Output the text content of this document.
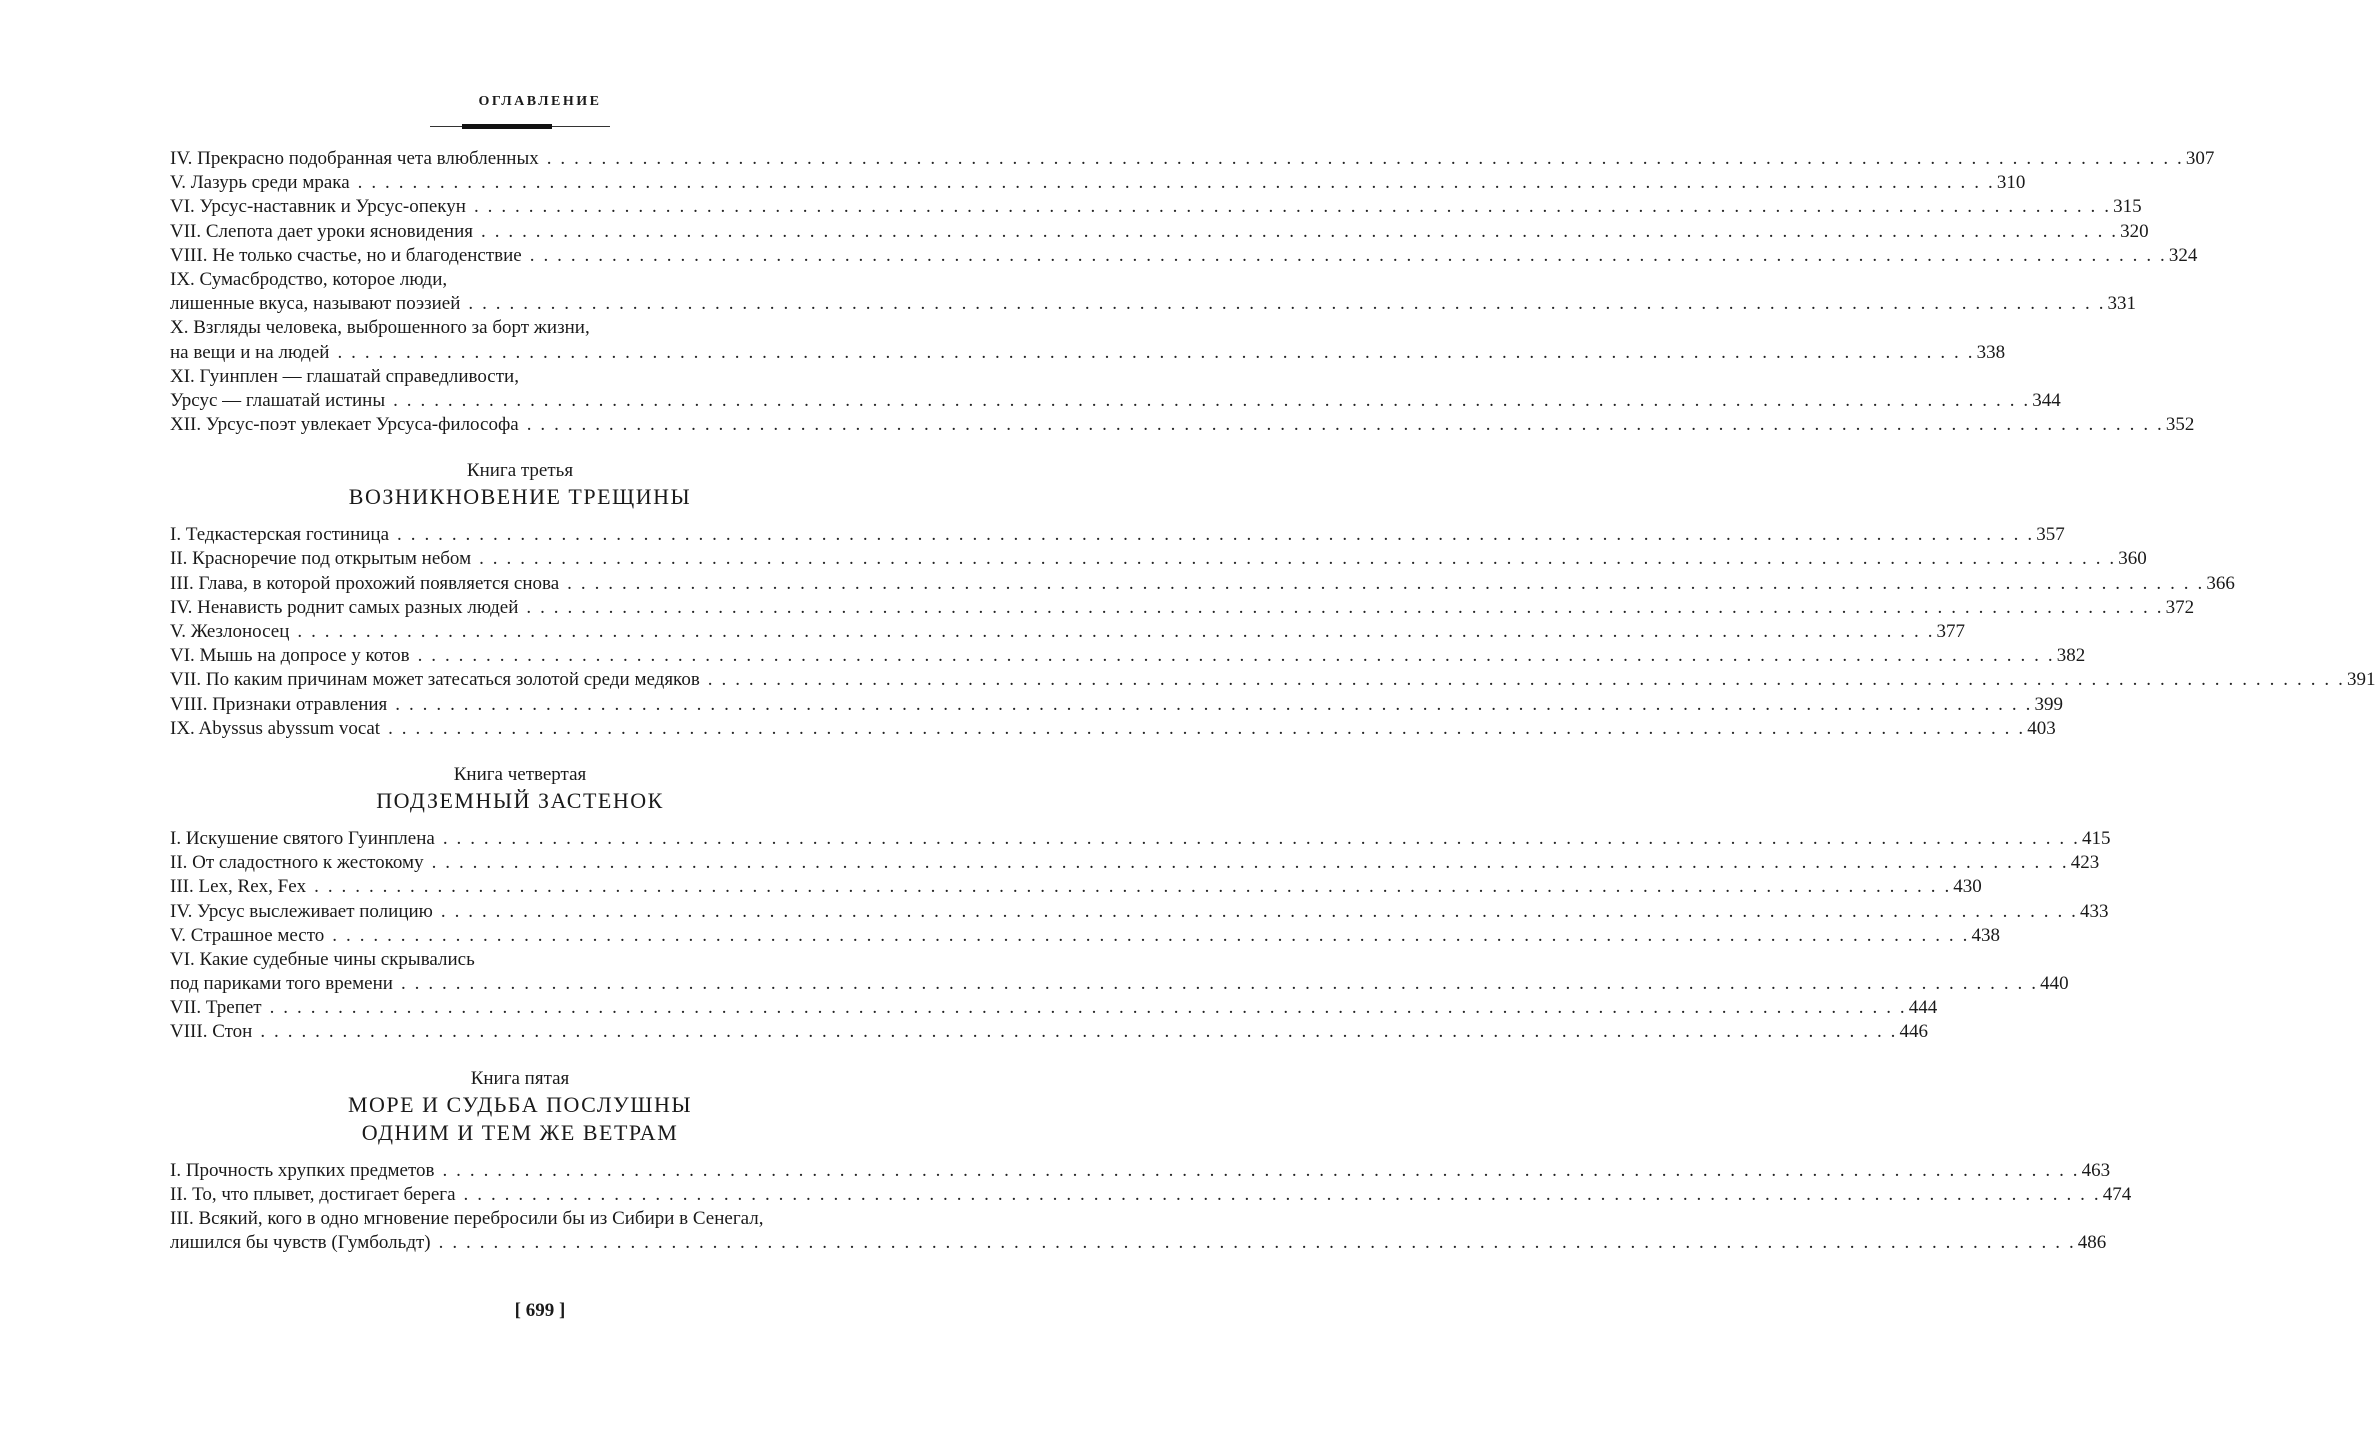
ОГЛАВЛЕНИЕ
IV. Прекрасно подобранная чета влюбленных . . . . . . . . . . . . . . . . . . . . . . . . . . . . . . . . . . . . . . . . . . . . . . . . . . . . . . . . . . . . . . . . . . . . . . . . . . . . . . . . . . . . . . . . . . . . . . . . . . . . . . . . . . . . . . . . . . . . . . . . 307
V. Лазурь среди мрака . . . . . . . . . . . . . . . . . . . . . . . . . . . . . . . . . . . . . . . . . . . . . . . . . . . . . . . . . . . . . . . . . . . . . . . . . . . . . . . . . . . . . . . . . . . . . . . . . . . . . . . . . . . . . . . . . . . . . . . . 310
VI. Урсус-наставник и Урсус-опекун . . . . . . . . . . . . . . . . . . . . . . . . . . . . . . . . . . . . . . . . . . . . . . . . . . . . . . . . . . . . . . . . . . . . . . . . . . . . . . . . . . . . . . . . . . . . . . . . . . . . . . . . . . . . . . . . . . . . . . . . 315
VII. Слепота дает уроки ясновидения . . . . . . . . . . . . . . . . . . . . . . . . . . . . . . . . . . . . . . . . . . . . . . . . . . . . . . . . . . . . . . . . . . . . . . . . . . . . . . . . . . . . . . . . . . . . . . . . . . . . . . . . . . . . . . . . . . . . . . . . 320
VIII. Не только счастье, но и благоденствие . . . . . . . . . . . . . . . . . . . . . . . . . . . . . . . . . . . . . . . . . . . . . . . . . . . . . . . . . . . . . . . . . . . . . . . . . . . . . . . . . . . . . . . . . . . . . . . . . . . . . . . . . . . . . . . . . . . . . . . . 324
IX. Сумасбродство, которое люди,
лишенные вкуса, называют поэзией . . . . . . . . . . . . . . . . . . . . . . . . . . . . . . . . . . . . . . . . . . . . . . . . . . . . . . . . . . . . . . . . . . . . . . . . . . . . . . . . . . . . . . . . . . . . . . . . . . . . . . . . . . . . . . . . . . . . . . . . 331
X. Взгляды человека, выброшенного за борт жизни,
на вещи и на людей . . . . . . . . . . . . . . . . . . . . . . . . . . . . . . . . . . . . . . . . . . . . . . . . . . . . . . . . . . . . . . . . . . . . . . . . . . . . . . . . . . . . . . . . . . . . . . . . . . . . . . . . . . . . . . . . . . . . . . . . 338
XI. Гуинплен — глашатай справедливости,
Урсус — глашатай истины . . . . . . . . . . . . . . . . . . . . . . . . . . . . . . . . . . . . . . . . . . . . . . . . . . . . . . . . . . . . . . . . . . . . . . . . . . . . . . . . . . . . . . . . . . . . . . . . . . . . . . . . . . . . . . . . . . . . . . . . 344
XII. Урсус-поэт увлекает Урсуса-философа . . . . . . . . . . . . . . . . . . . . . . . . . . . . . . . . . . . . . . . . . . . . . . . . . . . . . . . . . . . . . . . . . . . . . . . . . . . . . . . . . . . . . . . . . . . . . . . . . . . . . . . . . . . . . . . . . . . . . . . . 352
Книга третья
ВОЗНИКНОВЕНИЕ ТРЕЩИНЫ
I. Тедкастерская гостиница . . . . . . . . . . . . . . . . . . . . . . . . . . . . . . . . . . . . . . . . . . . . . . . . . . . . . . . . . . . . . . . . . . . . . . . . . . . . . . . . . . . . . . . . . . . . . . . . . . . . . . . . . . . . . . . . . . . . . . . . 357
II. Красноречие под открытым небом . . . . . . . . . . . . . . . . . . . . . . . . . . . . . . . . . . . . . . . . . . . . . . . . . . . . . . . . . . . . . . . . . . . . . . . . . . . . . . . . . . . . . . . . . . . . . . . . . . . . . . . . . . . . . . . . . . . . . . . . 360
III. Глава, в которой прохожий появляется снова . . . . . . . . . . . . . . . . . . . . . . . . . . . . . . . . . . . . . . . . . . . . . . . . . . . . . . . . . . . . . . . . . . . . . . . . . . . . . . . . . . . . . . . . . . . . . . . . . . . . . . . . . . . . . . . . . . . . . . . . 366
IV. Ненависть роднит самых разных людей . . . . . . . . . . . . . . . . . . . . . . . . . . . . . . . . . . . . . . . . . . . . . . . . . . . . . . . . . . . . . . . . . . . . . . . . . . . . . . . . . . . . . . . . . . . . . . . . . . . . . . . . . . . . . . . . . . . . . . . . 372
V. Жезлоносец . . . . . . . . . . . . . . . . . . . . . . . . . . . . . . . . . . . . . . . . . . . . . . . . . . . . . . . . . . . . . . . . . . . . . . . . . . . . . . . . . . . . . . . . . . . . . . . . . . . . . . . . . . . . . . . . . . . . . . . . 377
VI. Мышь на допросе у котов . . . . . . . . . . . . . . . . . . . . . . . . . . . . . . . . . . . . . . . . . . . . . . . . . . . . . . . . . . . . . . . . . . . . . . . . . . . . . . . . . . . . . . . . . . . . . . . . . . . . . . . . . . . . . . . . . . . . . . . . 382
VII. По каким причинам может затесаться золотой среди медяков . . . . . . . . . . . . . . . . . . . . . . . . . . . . . . . . . . . . . . . . . . . . . . . . . . . . . . . . . . . . . . . . . . . . . . . . . . . . . . . . . . . . . . . . . . . . . . . . . . . . . . . . . . . . . . . . . . . . . . . . 391
VIII. Признаки отравления . . . . . . . . . . . . . . . . . . . . . . . . . . . . . . . . . . . . . . . . . . . . . . . . . . . . . . . . . . . . . . . . . . . . . . . . . . . . . . . . . . . . . . . . . . . . . . . . . . . . . . . . . . . . . . . . . . . . . . . . 399
IX. Abyssus abyssum vocat . . . . . . . . . . . . . . . . . . . . . . . . . . . . . . . . . . . . . . . . . . . . . . . . . . . . . . . . . . . . . . . . . . . . . . . . . . . . . . . . . . . . . . . . . . . . . . . . . . . . . . . . . . . . . . . . . . . . . . . . 403
Книга четвертая
ПОДЗЕМНЫЙ ЗАСТЕНОК
I. Искушение святого Гуинплена . . . . . . . . . . . . . . . . . . . . . . . . . . . . . . . . . . . . . . . . . . . . . . . . . . . . . . . . . . . . . . . . . . . . . . . . . . . . . . . . . . . . . . . . . . . . . . . . . . . . . . . . . . . . . . . . . . . . . . . . 415
II. От сладостного к жестокому . . . . . . . . . . . . . . . . . . . . . . . . . . . . . . . . . . . . . . . . . . . . . . . . . . . . . . . . . . . . . . . . . . . . . . . . . . . . . . . . . . . . . . . . . . . . . . . . . . . . . . . . . . . . . . . . . . . . . . . . 423
III. Lex, Rex, Fex . . . . . . . . . . . . . . . . . . . . . . . . . . . . . . . . . . . . . . . . . . . . . . . . . . . . . . . . . . . . . . . . . . . . . . . . . . . . . . . . . . . . . . . . . . . . . . . . . . . . . . . . . . . . . . . . . . . . . . . . 430
IV. Урсус выслеживает полицию . . . . . . . . . . . . . . . . . . . . . . . . . . . . . . . . . . . . . . . . . . . . . . . . . . . . . . . . . . . . . . . . . . . . . . . . . . . . . . . . . . . . . . . . . . . . . . . . . . . . . . . . . . . . . . . . . . . . . . . . 433
V. Страшное место . . . . . . . . . . . . . . . . . . . . . . . . . . . . . . . . . . . . . . . . . . . . . . . . . . . . . . . . . . . . . . . . . . . . . . . . . . . . . . . . . . . . . . . . . . . . . . . . . . . . . . . . . . . . . . . . . . . . . . . . 438
VI. Какие судебные чины скрывались
под париками того времени . . . . . . . . . . . . . . . . . . . . . . . . . . . . . . . . . . . . . . . . . . . . . . . . . . . . . . . . . . . . . . . . . . . . . . . . . . . . . . . . . . . . . . . . . . . . . . . . . . . . . . . . . . . . . . . . . . . . . . . . 440
VII. Трепет . . . . . . . . . . . . . . . . . . . . . . . . . . . . . . . . . . . . . . . . . . . . . . . . . . . . . . . . . . . . . . . . . . . . . . . . . . . . . . . . . . . . . . . . . . . . . . . . . . . . . . . . . . . . . . . . . . . . . . . . 444
VIII. Стон . . . . . . . . . . . . . . . . . . . . . . . . . . . . . . . . . . . . . . . . . . . . . . . . . . . . . . . . . . . . . . . . . . . . . . . . . . . . . . . . . . . . . . . . . . . . . . . . . . . . . . . . . . . . . . . . . . . . . . . . 446
Книга пятая
МОРЕ И СУДЬБА ПОСЛУШНЫ
ОДНИМ И ТЕМ ЖЕ ВЕТРАМ
I. Прочность хрупких предметов . . . . . . . . . . . . . . . . . . . . . . . . . . . . . . . . . . . . . . . . . . . . . . . . . . . . . . . . . . . . . . . . . . . . . . . . . . . . . . . . . . . . . . . . . . . . . . . . . . . . . . . . . . . . . . . . . . . . . . . . 463
II. То, что плывет, достигает берега . . . . . . . . . . . . . . . . . . . . . . . . . . . . . . . . . . . . . . . . . . . . . . . . . . . . . . . . . . . . . . . . . . . . . . . . . . . . . . . . . . . . . . . . . . . . . . . . . . . . . . . . . . . . . . . . . . . . . . . . 474
III. Всякий, кого в одно мгновение перебросили бы из Сибири в Сенегал,
лишился бы чувств (Гумбольдт) . . . . . . . . . . . . . . . . . . . . . . . . . . . . . . . . . . . . . . . . . . . . . . . . . . . . . . . . . . . . . . . . . . . . . . . . . . . . . . . . . . . . . . . . . . . . . . . . . . . . . . . . . . . . . . . . . . . . . . . . 486
[ 699 ]
